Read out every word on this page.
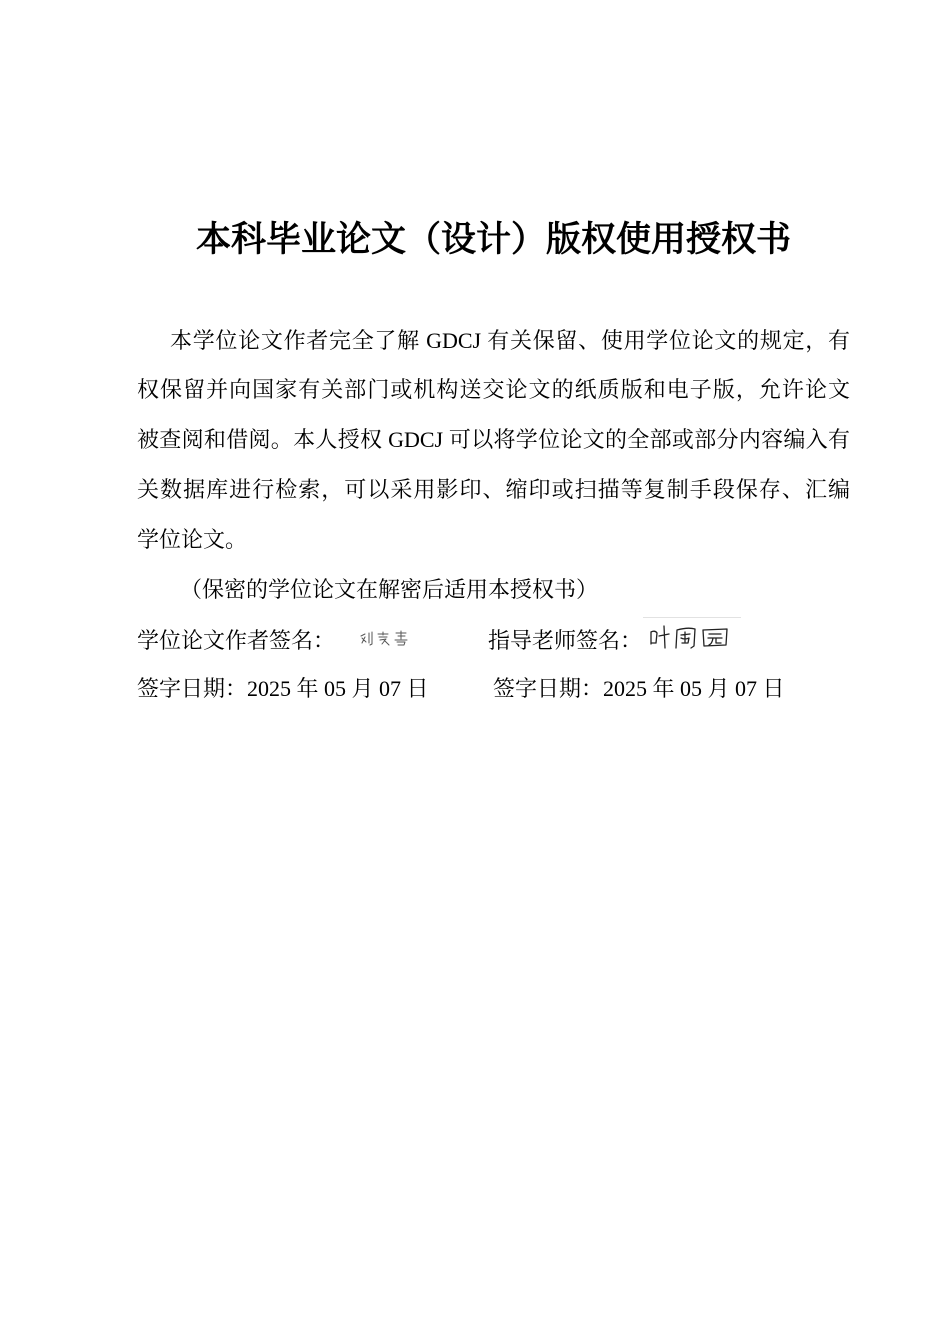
本科毕业论文（设计）版权使用授权书
本学位论文作者完全了解 GDCJ 有关保留、使用学位论文的规定，有
权保留并向国家有关部门或机构送交论文的纸质版和电子版，允许论文
被查阅和借阅。本人授权 GDCJ 可以将学位论文的全部或部分内容编入有
关数据库进行检索，可以采用影印、缩印或扫描等复制手段保存、汇编
学位论文。
（保密的学位论文在解密后适用本授权书）
学位论文作者签名：	指导老师签名：
签字日期：2025 年 05 月 07 日	签字日期：2025 年 05 月 07 日
